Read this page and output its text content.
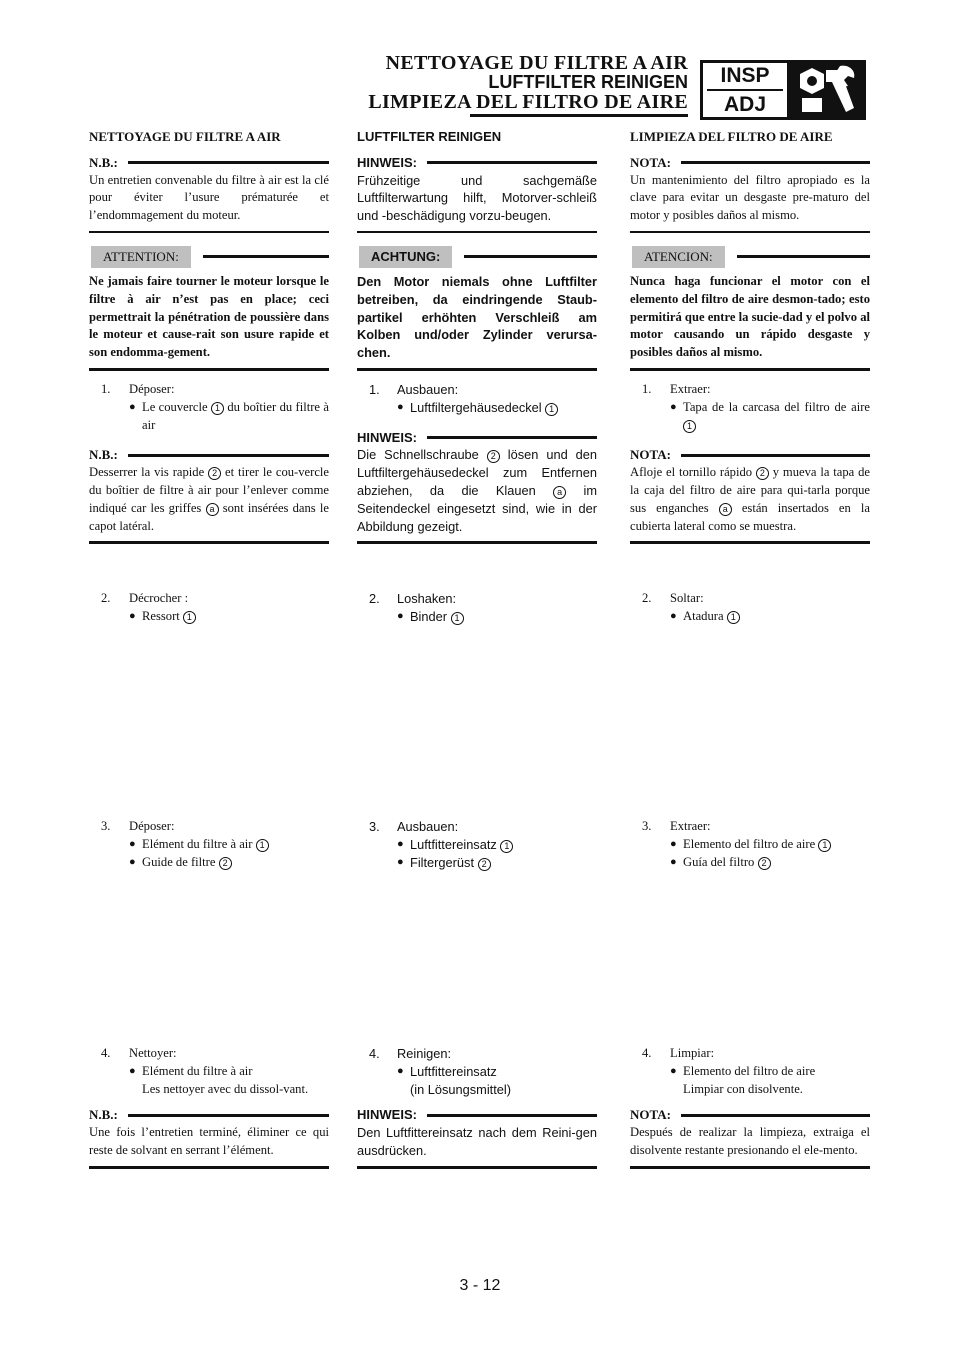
NETTOYAGE DU FILTRE A AIR
LUFTFILTER REINIGEN
LIMPIEZA DEL FILTRO DE AIRE
INSP
ADJ
NETTOYAGE DU FILTRE A AIR
N.B.:
Un entretien convenable du filtre à air est la clé pour éviter l’usure prématurée et l’endommagement du moteur.
ATTENTION:
Ne jamais faire tourner le moteur lorsque le filtre à air n’est pas en place; ceci permettrait la pénétration de poussière dans le moteur et cause-rait son usure rapide et son endomma-gement.
1. Déposer:
● Le couvercle 1 du boîtier du filtre à air
N.B.:
Desserrer la vis rapide 2 et tirer le cou-vercle du boîtier de filtre à air pour l’enlever comme indiqué car les griffes a sont insérées dans le capot latéral.
2. Décrocher :
● Ressort 1
3. Déposer:
● Elément du filtre à air 1
● Guide de filtre 2
4. Nettoyer:
● Elément du filtre à air
Les nettoyer avec du dissol-vant.
N.B.:
Une fois l’entretien terminé, éliminer ce qui reste de solvant en serrant l’élément.
LUFTFILTER REINIGEN
HINWEIS:
Frühzeitige und sachgemäße Luftfilterwartung hilft, Motorver-schleiß und -beschädigung vorzu-beugen.
ACHTUNG:
Den Motor niemals ohne Luftfilter betreiben, da eindringende Staub-partikel erhöhten Verschleiß am Kolben und/oder Zylinder verursa-chen.
1. Ausbauen:
● Luftfiltergehäusedeckel 1
HINWEIS:
Die Schnellschraube 2 lösen und den Luftfiltergehäusedeckel zum Entfernen abziehen, da die Klauen a im Seitendeckel eingesetzt sind, wie in der Abbildung gezeigt.
2. Loshaken:
● Binder 1
3. Ausbauen:
● Luftfittereinsatz 1
● Filtergerüst 2
4. Reinigen:
● Luftfittereinsatz
(in Lösungsmittel)
HINWEIS:
Den Luftfittereinsatz nach dem Reini-gen ausdrücken.
LIMPIEZA DEL FILTRO DE AIRE
NOTA:
Un mantenimiento del filtro apropiado es la clave para evitar un desgaste pre-maturo del motor y posibles daños al mismo.
ATENCION:
Nunca haga funcionar el motor con el elemento del filtro de aire desmon-tado; esto permitirá que entre la sucie-dad y el polvo al motor causando un rápido desgaste y posibles daños al mismo.
1. Extraer:
● Tapa de la carcasa del filtro de aire 1
NOTA:
Afloje el tornillo rápido 2 y mueva la tapa de la caja del filtro de aire para qui-tarla porque sus enganches a están insertados en la cubierta lateral como se muestra.
2. Soltar:
● Atadura 1
3. Extraer:
● Elemento del filtro de aire 1
● Guía del filtro 2
4. Limpiar:
● Elemento del filtro de aire
Limpiar con disolvente.
NOTA:
Después de realizar la limpieza, extraiga el disolvente restante presionando el ele-mento.
3 - 12
